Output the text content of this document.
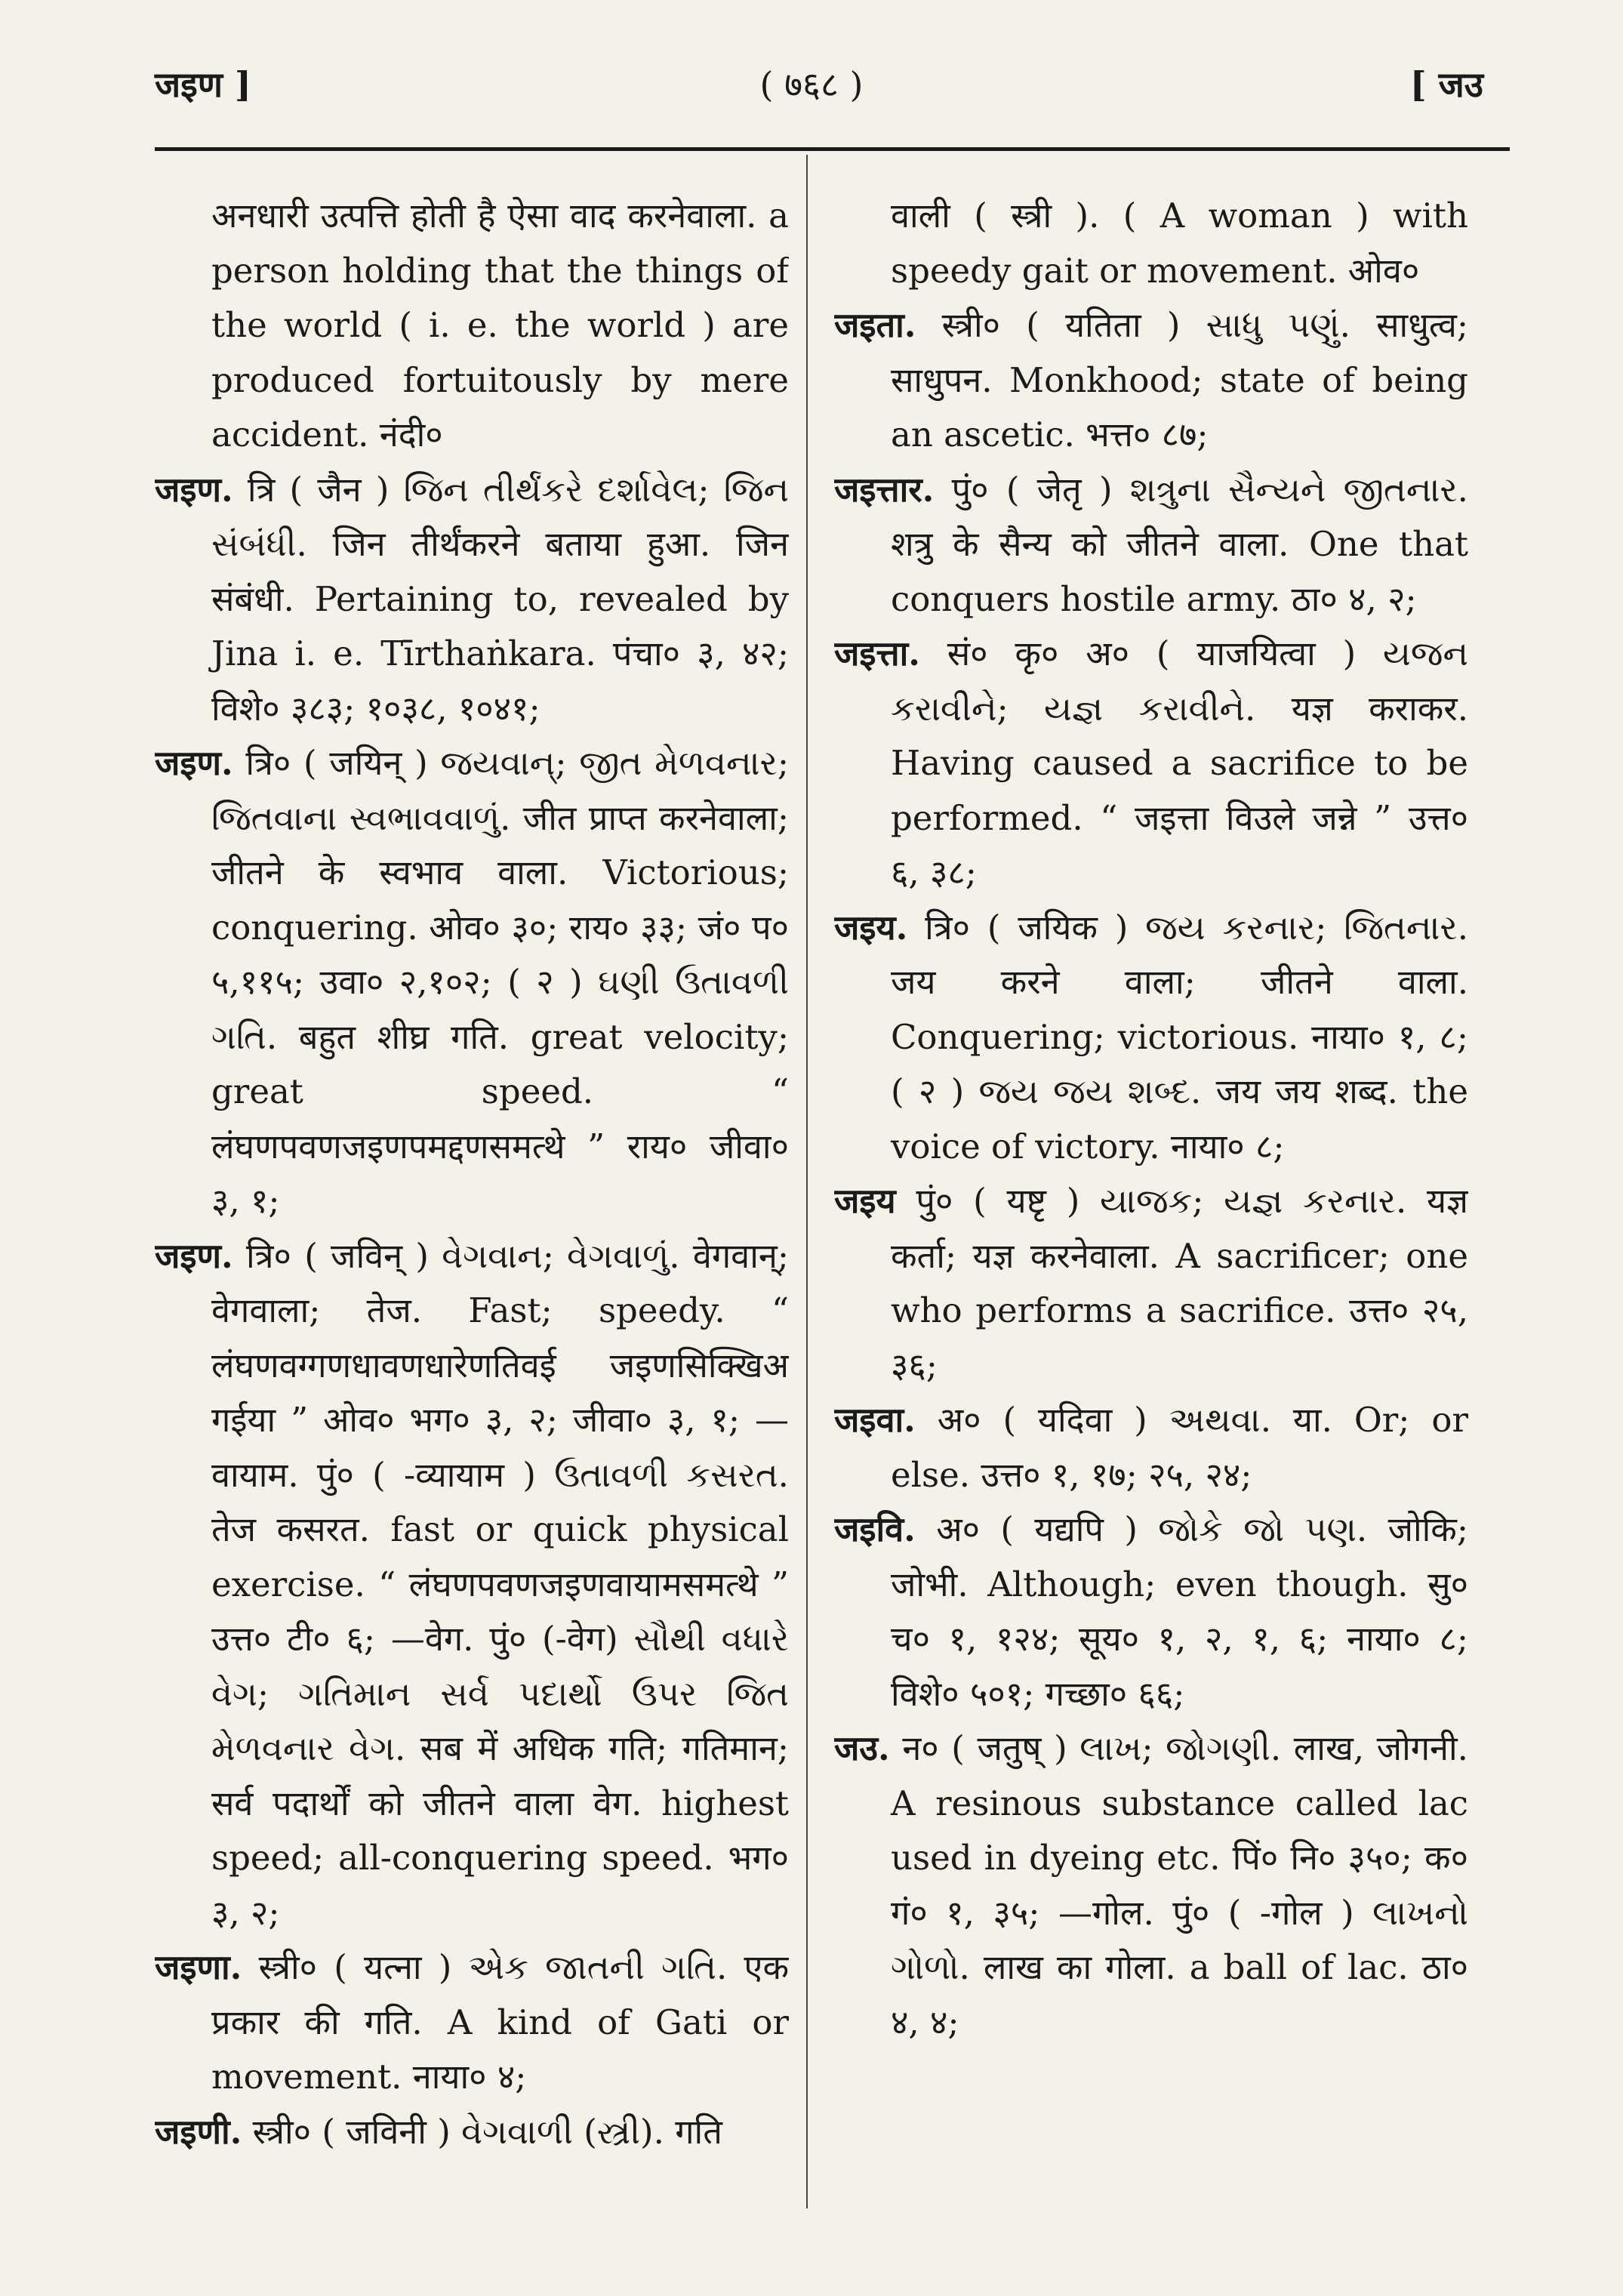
जइण ]	( ७६८ )	[ जउ

अनधारी उत्पत्ति होती है ऐसा वाद करनेवाला. a person holding that the things of the world ( i. e. the world ) are produced fortuitously by mere accident. नंदी०

जइण. त्रि ( जैन ) જિન તીર્થંકરે દર્શાવેલ; જિન સંબંધી. जिन तीर्थंकरने बताया हुआ. जिन संबंधी. Pertaining to, revealed by Jina i. e. Tīrthaṅkara. पंचा० ३, ४२; विशे० ३८३; १०३८, १०४१;

जइण. त्रि० ( जयिन् ) જયવાન્; જીત મેળવનાર; જિતવાના સ્વભાવવાળું. जीत प्राप्त करनेवाला; जीतने के स्वभाव वाला. Victorious; conquering. ओव० ३०; राय० ३३; जं० प० ५,११५; उवा० २,१०२; ( २ ) ઘણી ઉતાવળી ગતિ. बहुत शीघ्र गति. great velocity; great speed. “ लंघणपवणजइणपमद्दणसमत्थे ” राय० जीवा० ३, १;

जइण. त्रि० ( जविन् ) વેગવાન; વેગવાળું. वेगवान्; वेगवाला; तेज. Fast; speedy. “ लंघणवग्गणधावणधारेणतिवई जइणसिक्खिअ गईया ” ओव० भग० ३, २; जीवा० ३, १; —वायाम. पुं० ( -व्यायाम ) ઉતાવળી કસરત. तेज कसरत. fast or quick physical exercise. “ लंघणपवणजइणवायामसमत्थे ” उत्त० टी० ६; —वेग. पुं० (-वेग) સૌથી વધારે વેગ; ગતિમાન સર્વ પદાર્થો ઉપર જિત મેળવનાર વેગ. सब में अधिक गति; गतिमान; सर्व पदार्थों को जीतने वाला वेग. highest speed; all-conquering speed. भग० ३, २;

जइणा. स्त्री० ( यत्ना ) એક જાતની ગતિ. एक प्रकार की गति. A kind of Gati or movement. नाया० ४;

जइणी. स्त्री० ( जविनी ) વેગવાળી (સ્ત્રી). गति

वाली ( स्त्री ). ( A woman ) with speedy gait or movement. ओव०

जइता. स्त्री० ( यतिता ) સાધુ પણું. साधुत्व; साधुपन. Monkhood; state of being an ascetic. भत्त० ८७;

जइत्तार. पुं० ( जेतृ ) શત્રુના સૈન્યને જીતનાર. शत्रु के सैन्य को जीतने वाला. One that conquers hostile army. ठा० ४, २;

जइत्ता. सं० कृ० अ० ( याजयित्वा ) યજન કરાવીને; યજ્ઞ કરાવીને. यज्ञ कराकर. Having caused a sacrifice to be performed. “ जइत्ता विउले जन्ने ” उत्त० ६, ३८;

जइय. त्रि० ( जयिक ) જય કરનાર; જિતનાર. जय करने वाला; जीतने वाला. Conquering; victorious. नाया० १, ८; ( २ ) જય જય શબ્દ. जय जय शब्द. the voice of victory. नाया० ८;

जइय पुं० ( यष्टृ ) યાજક; યજ્ઞ કરનાર. यज्ञ कर्ता; यज्ञ करनेवाला. A sacrificer; one who performs a sacrifice. उत्त० २५, ३६;

जइवा. अ० ( यदिवा ) અથવા. या. Or; or else. उत्त० १, १७; २५, २४;

जइवि. अ० ( यद्यपि ) જોકે જો પણ. जोकि; जोभी. Although; even though. सु० च० १, १२४; सूय० १, २, १, ६; नाया० ८; विशे० ५०१; गच्छा० ६६;

जउ. न० ( जतुष् ) લાખ; જોગણી. लाख, जोगनी. A resinous substance called lac used in dyeing etc. पिं० नि० ३५०; क० गं० १, ३५; —गोल. पुं० ( -गोल ) લાખનો ગોળો. लाख का गोला. a ball of lac. ठा० ४, ४;
